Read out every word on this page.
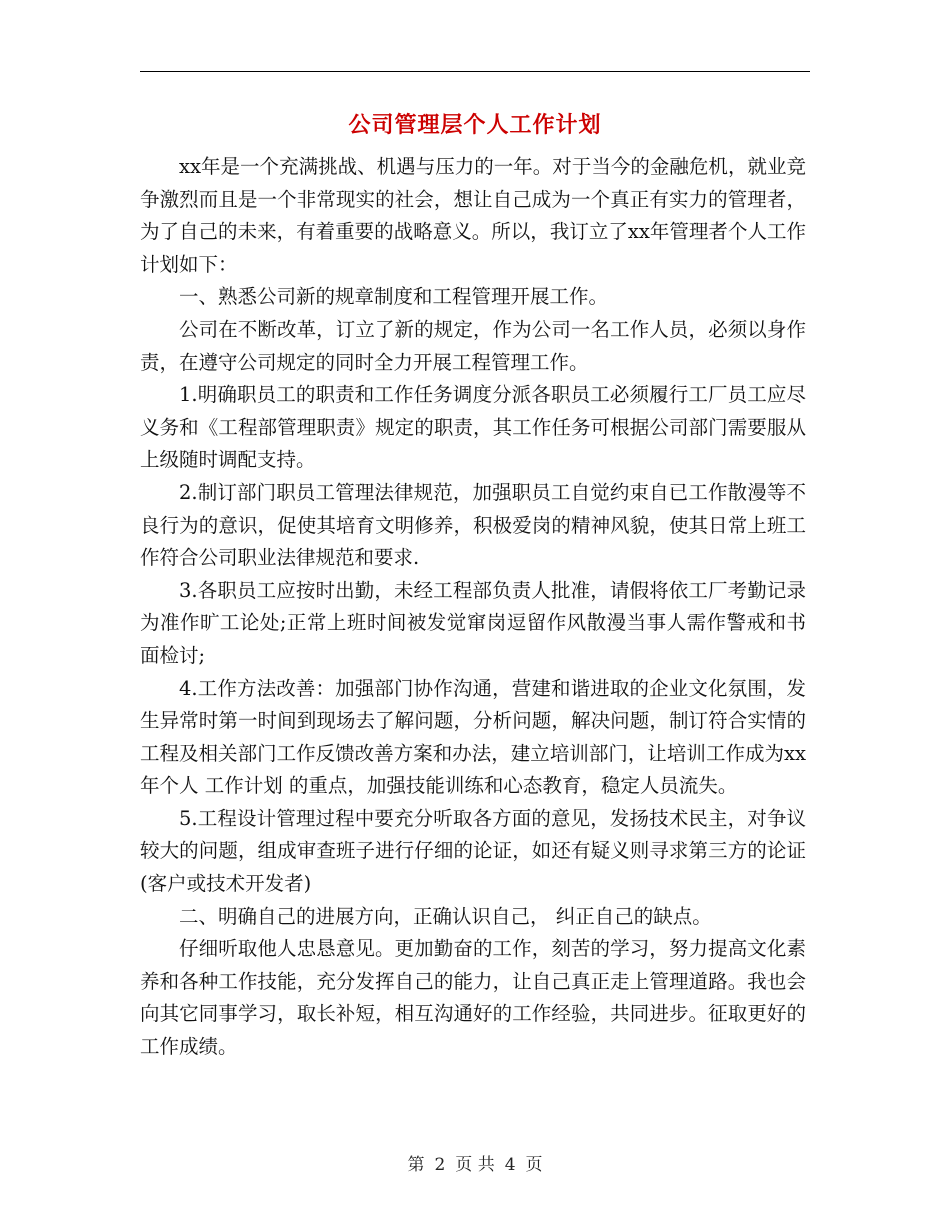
公司管理层个人工作计划

xx年是一个充满挑战、机遇与压力的一年。对于当今的金融危机，就业竞争激烈而且是一个非常现实的社会，想让自己成为一个真正有实力的管理者，为了自己的未来，有着重要的战略意义。所以，我订立了xx年管理者个人工作计划如下：

一、熟悉公司新的规章制度和工程管理开展工作。

公司在不断改革，订立了新的规定，作为公司一名工作人员，必须以身作责，在遵守公司规定的同时全力开展工程管理工作。

1.明确职员工的职责和工作任务调度分派各职员工必须履行工厂员工应尽义务和《工程部管理职责》规定的职责，其工作任务可根据公司部门需要服从上级随时调配支持。

2.制订部门职员工管理法律规范，加强职员工自觉约束自已工作散漫等不良行为的意识，促使其培育文明修养，积极爱岗的精神风貌，使其日常上班工作符合公司职业法律规范和要求.

3.各职员工应按时出勤，未经工程部负责人批准，请假将依工厂考勤记录为准作旷工论处;正常上班时间被发觉窜岗逗留作风散漫当事人需作警戒和书面检讨;

4.工作方法改善：加强部门协作沟通，营建和谐进取的企业文化氛围，发生异常时第一时间到现场去了解问题，分析问题，解决问题，制订符合实情的工程及相关部门工作反馈改善方案和办法，建立培训部门，让培训工作成为xx年个人 工作计划 的重点，加强技能训练和心态教育，稳定人员流失。

5.工程设计管理过程中要充分听取各方面的意见，发扬技术民主，对争议较大的问题，组成审查班子进行仔细的论证，如还有疑义则寻求第三方的论证(客户或技术开发者)

二、明确自己的进展方向，正确认识自己， 纠正自己的缺点。

仔细听取他人忠恳意见。更加勤奋的工作，刻苦的学习，努力提高文化素养和各种工作技能，充分发挥自己的能力，让自己真正走上管理道路。我也会向其它同事学习，取长补短，相互沟通好的工作经验，共同进步。征取更好的工作成绩。

第 2 页 共 4 页
